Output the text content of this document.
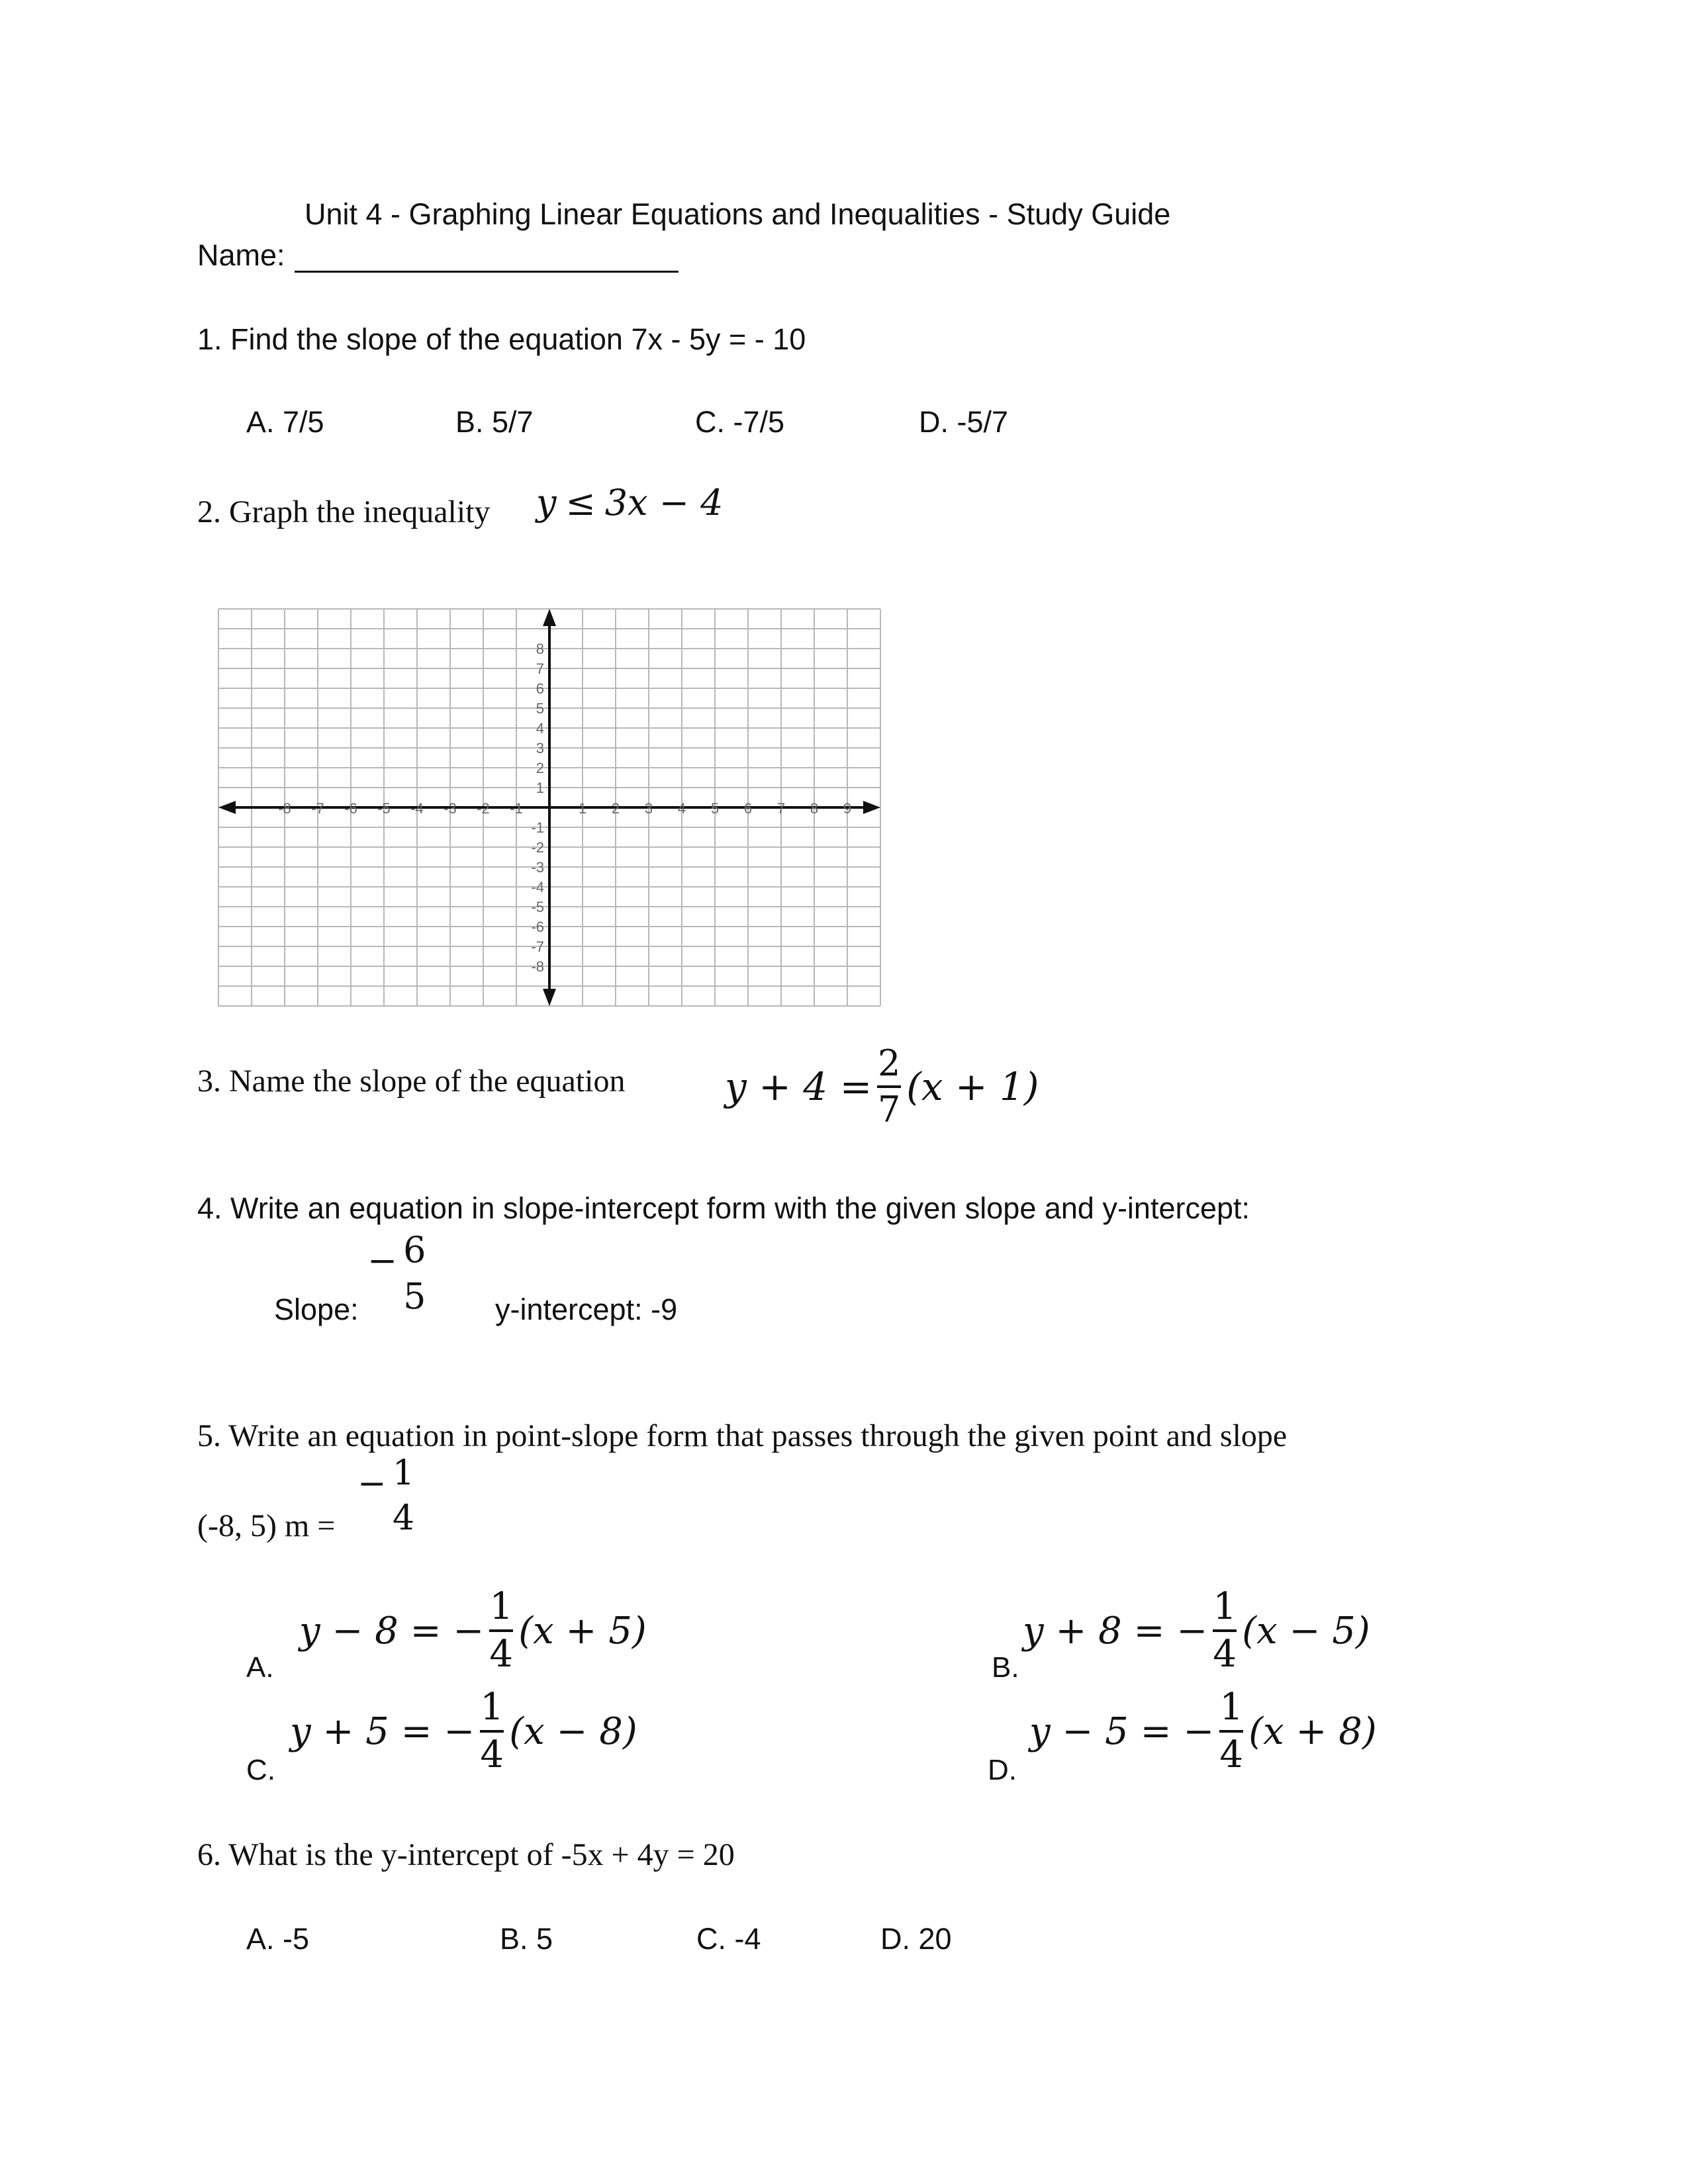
Unit 4 - Graphing Linear Equations and Inequalities - Study Guide
Name:
1. Find the slope of the equation 7x - 5y = - 10
A. 7/5	B. 5/7	C. -7/5	D. -5/7
2. Graph the inequality y ≤ 3x − 4
-8 -7 -6 -5 -4 -3 -2 -1	1 2 3 4 5 6 7 8 9
8
7
6
5
4
3
2
1
-1
-2
-3
-4
-5
-6
-7
-8
3. Name the slope of the equation	$y + 4 = \frac{2}{7} (x + 1)$
4. Write an equation in slope-intercept form with the given slope and y-intercept:
Slope:
− $\frac{6}{5}$ y-intercept: -9
5. Write an equation in point-slope form that passes through the given point and slope
(-8, 5) m =
− $\frac{1}{4}$
A.
y − 8 = − $\frac{1}{4} (x + 5)$
B.
y + 8 = − $\frac{1}{4} (x - 5)$
C.
y + 5 = − $\frac{1}{4} (x - 8)$
D.
y − 5 = − $\frac{1}{4} (x + 8)$
6. What is the y-intercept of -5x + 4y = 20
A. -5	B. 5	C. -4	D. 20
